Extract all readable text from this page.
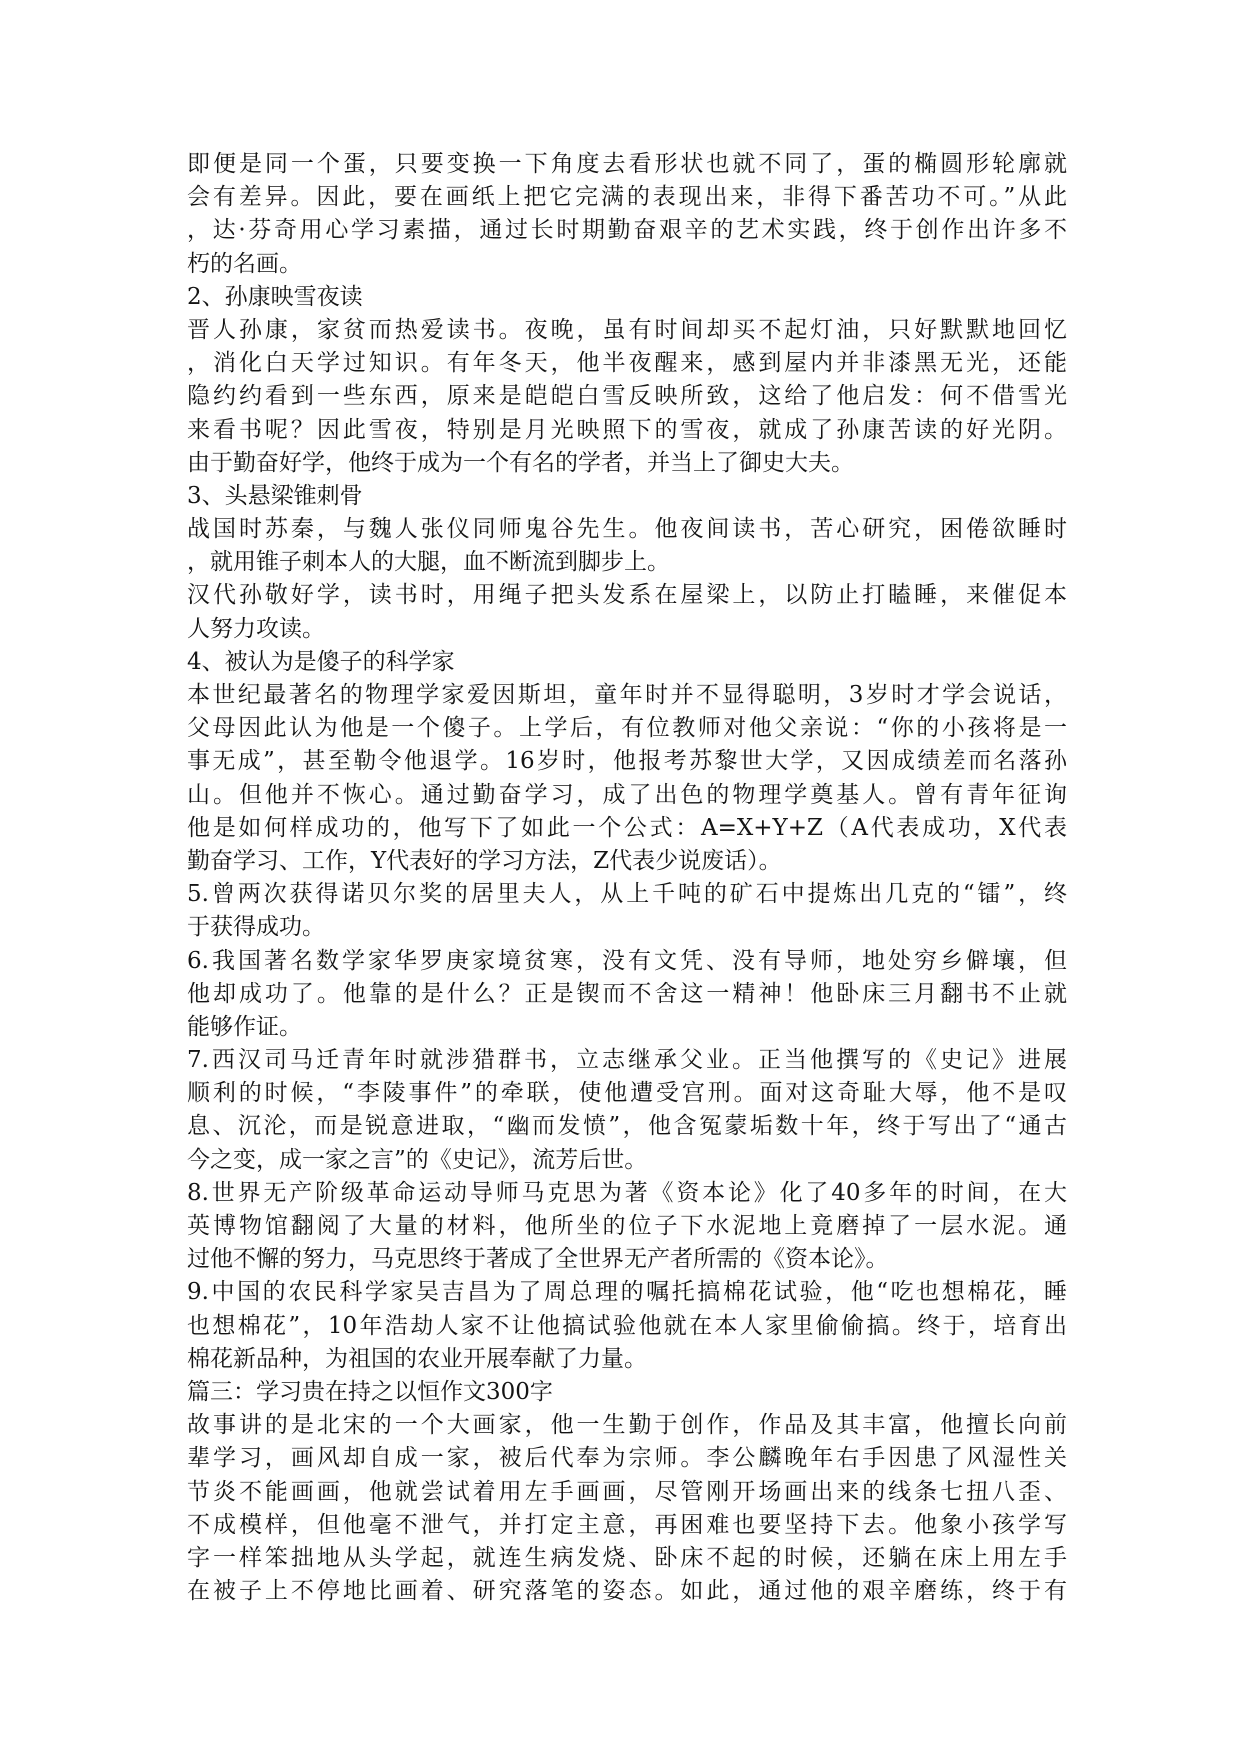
即便是同一个蛋，只要变换一下角度去看形状也就不同了，蛋的椭圆形轮廓就
会有差异。因此，要在画纸上把它完满的表现出来，非得下番苦功不可。”从此
，达·芬奇用心学习素描，通过长时期勤奋艰辛的艺术实践，终于创作出许多不
朽的名画。
2、孙康映雪夜读
晋人孙康，家贫而热爱读书。夜晚，虽有时间却买不起灯油，只好默默地回忆
，消化白天学过知识。有年冬天，他半夜醒来，感到屋内并非漆黑无光，还能
隐约约看到一些东西，原来是皑皑白雪反映所致，这给了他启发：何不借雪光
来看书呢？因此雪夜，特别是月光映照下的雪夜，就成了孙康苦读的好光阴。
由于勤奋好学，他终于成为一个有名的学者，并当上了御史大夫。
3、头悬梁锥刺骨
战国时苏秦，与魏人张仪同师鬼谷先生。他夜间读书，苦心研究，困倦欲睡时
，就用锥子刺本人的大腿，血不断流到脚步上。
汉代孙敬好学，读书时，用绳子把头发系在屋梁上，以防止打瞌睡，来催促本
人努力攻读。
4、被认为是傻子的科学家
本世纪最著名的物理学家爱因斯坦，童年时并不显得聪明，3岁时才学会说话，
父母因此认为他是一个傻子。上学后，有位教师对他父亲说：“你的小孩将是一
事无成”，甚至勒令他退学。16岁时，他报考苏黎世大学，又因成绩差而名落孙
山。但他并不恢心。通过勤奋学习，成了出色的物理学奠基人。曾有青年征询
他是如何样成功的，他写下了如此一个公式：A=X+Y+Z（A代表成功，X代表
勤奋学习、工作，Y代表好的学习方法，Z代表少说废话）。
5.曾两次获得诺贝尔奖的居里夫人，从上千吨的矿石中提炼出几克的“镭”，终
于获得成功。
6.我国著名数学家华罗庚家境贫寒，没有文凭、没有导师，地处穷乡僻壤，但
他却成功了。他靠的是什么？正是锲而不舍这一精神！他卧床三月翻书不止就
能够作证。
7.西汉司马迁青年时就涉猎群书，立志继承父业。正当他撰写的《史记》进展
顺利的时候，“李陵事件”的牵联，使他遭受宫刑。面对这奇耻大辱，他不是叹
息、沉沦，而是锐意进取，“幽而发愤”，他含冤蒙垢数十年，终于写出了“通古
今之变，成一家之言”的《史记》，流芳后世。
8.世界无产阶级革命运动导师马克思为著《资本论》化了40多年的时间，在大
英博物馆翻阅了大量的材料，他所坐的位子下水泥地上竟磨掉了一层水泥。通
过他不懈的努力，马克思终于著成了全世界无产者所需的《资本论》。
9.中国的农民科学家吴吉昌为了周总理的嘱托搞棉花试验，他“吃也想棉花，睡
也想棉花”，10年浩劫人家不让他搞试验他就在本人家里偷偷搞。终于，培育出
棉花新品种，为祖国的农业开展奉献了力量。
篇三：学习贵在持之以恒作文300字
故事讲的是北宋的一个大画家，他一生勤于创作，作品及其丰富，他擅长向前
辈学习，画风却自成一家，被后代奉为宗师。李公麟晚年右手因患了风湿性关
节炎不能画画，他就尝试着用左手画画，尽管刚开场画出来的线条七扭八歪、
不成模样，但他毫不泄气，并打定主意，再困难也要坚持下去。他象小孩学写
字一样笨拙地从头学起，就连生病发烧、卧床不起的时候，还躺在床上用左手
在被子上不停地比画着、研究落笔的姿态。如此，通过他的艰辛磨练，终于有
